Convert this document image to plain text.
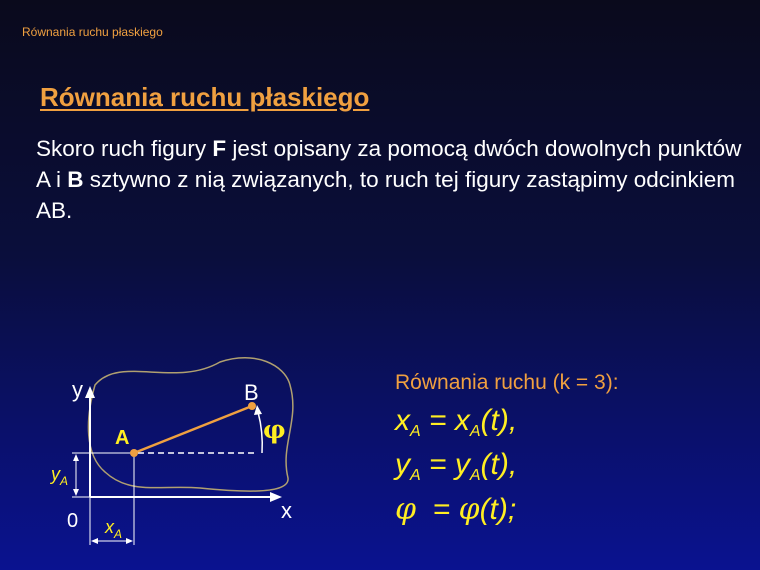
Równania ruchu płaskiego
Równania ruchu płaskiego
Skoro ruch figury F jest opisany za pomocą dwóch dowolnych punktów A i B sztywno z nią związanych, to ruch tej figury zastąpimy odcinkiem AB.
y
x
0
A
B
φ
$y_A$
$x_A$
Równania ruchu (k = 3):
$x_A = x_A(t)$,
$y_A = y_A(t)$,
φ  = φ(t);
